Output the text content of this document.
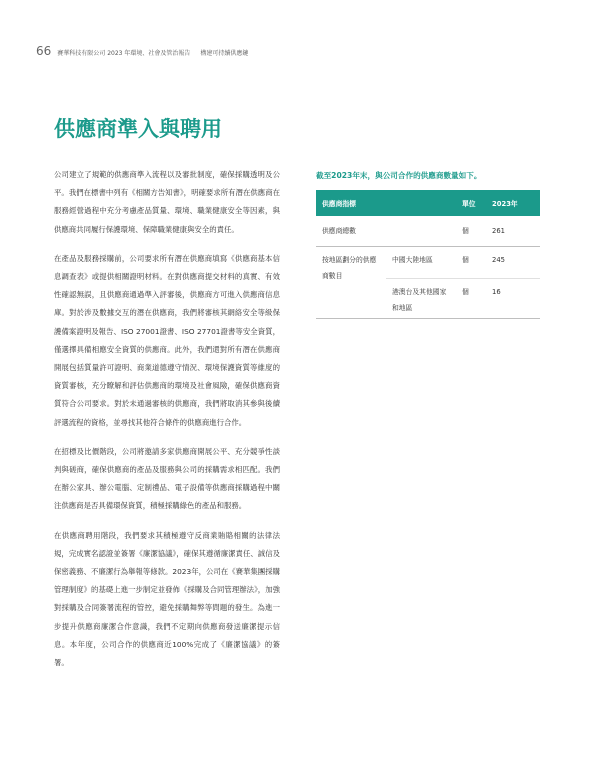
66 賽華科技有限公司 2023 年環境、社會及管治報告 構建可持續供應鏈
供應商準入與聘用

公司建立了規範的供應商準入流程以及審批制度，確保採購透明及公平。我們在標書中列有《相關方告知書》，明確要求所有潛在供應商在服務經營過程中充分考慮產品質量、環境、職業健康安全等因素，與供應商共同履行保護環境、保障職業健康與安全的責任。

在產品及服務採購前，公司要求所有潛在供應商填寫《供應商基本信息調查表》或提供相關證明材料。在對供應商提交材料的真實、有效性確認無誤，且供應商通過準入評審後，供應商方可進入供應商信息庫。對於涉及數據交互的潛在供應商，我們將審核其網絡安全等級保護備案證明及報告、ISO 27001證書、ISO 27701證書等安全資質，僅選擇具備相應安全資質的供應商。此外，我們還對所有潛在供應商開展包括質量許可證明、商業道德遵守情況、環境保護資質等維度的資質審核，充分瞭解和評估供應商的環境及社會風險，確保供應商資質符合公司要求。對於未通過審核的供應商，我們將取消其參與後續評選流程的資格，並尋找其他符合條件的供應商進行合作。

在招標及比價階段，公司將邀請多家供應商開展公平、充分競爭性談判與磋商，確保供應商的產品及服務與公司的採購需求相匹配。我們在辦公家具、辦公電腦、定制禮品、電子設備等供應商採購過程中關注供應商是否具備環保資質，積極採購綠色的產品和服務。

在供應商聘用階段，我們要求其積極遵守反商業賄賂相關的法律法規，完成實名認證並簽署《廉潔協議》，確保其遵循廉潔責任、誠信及保密義務、不廉潔行為舉報等條款。2023年，公司在《賽華集團採購管理制度》的基礎上進一步制定並發佈《採購及合同管理辦法》，加強對採購及合同簽署流程的管控，避免採購舞弊等問題的發生。為進一步提升供應商廉潔合作意識，我們不定期向供應商發送廉潔提示信息。本年度，公司合作的供應商近100%完成了《廉潔協議》的簽署。

截至2023年末，與公司合作的供應商數量如下。
供應商指標		單位	2023年
供應商總數		個	261
按地區劃分的供應商數目	中國大陸地區	個	245
	港澳台及其他國家和地區	個	16
